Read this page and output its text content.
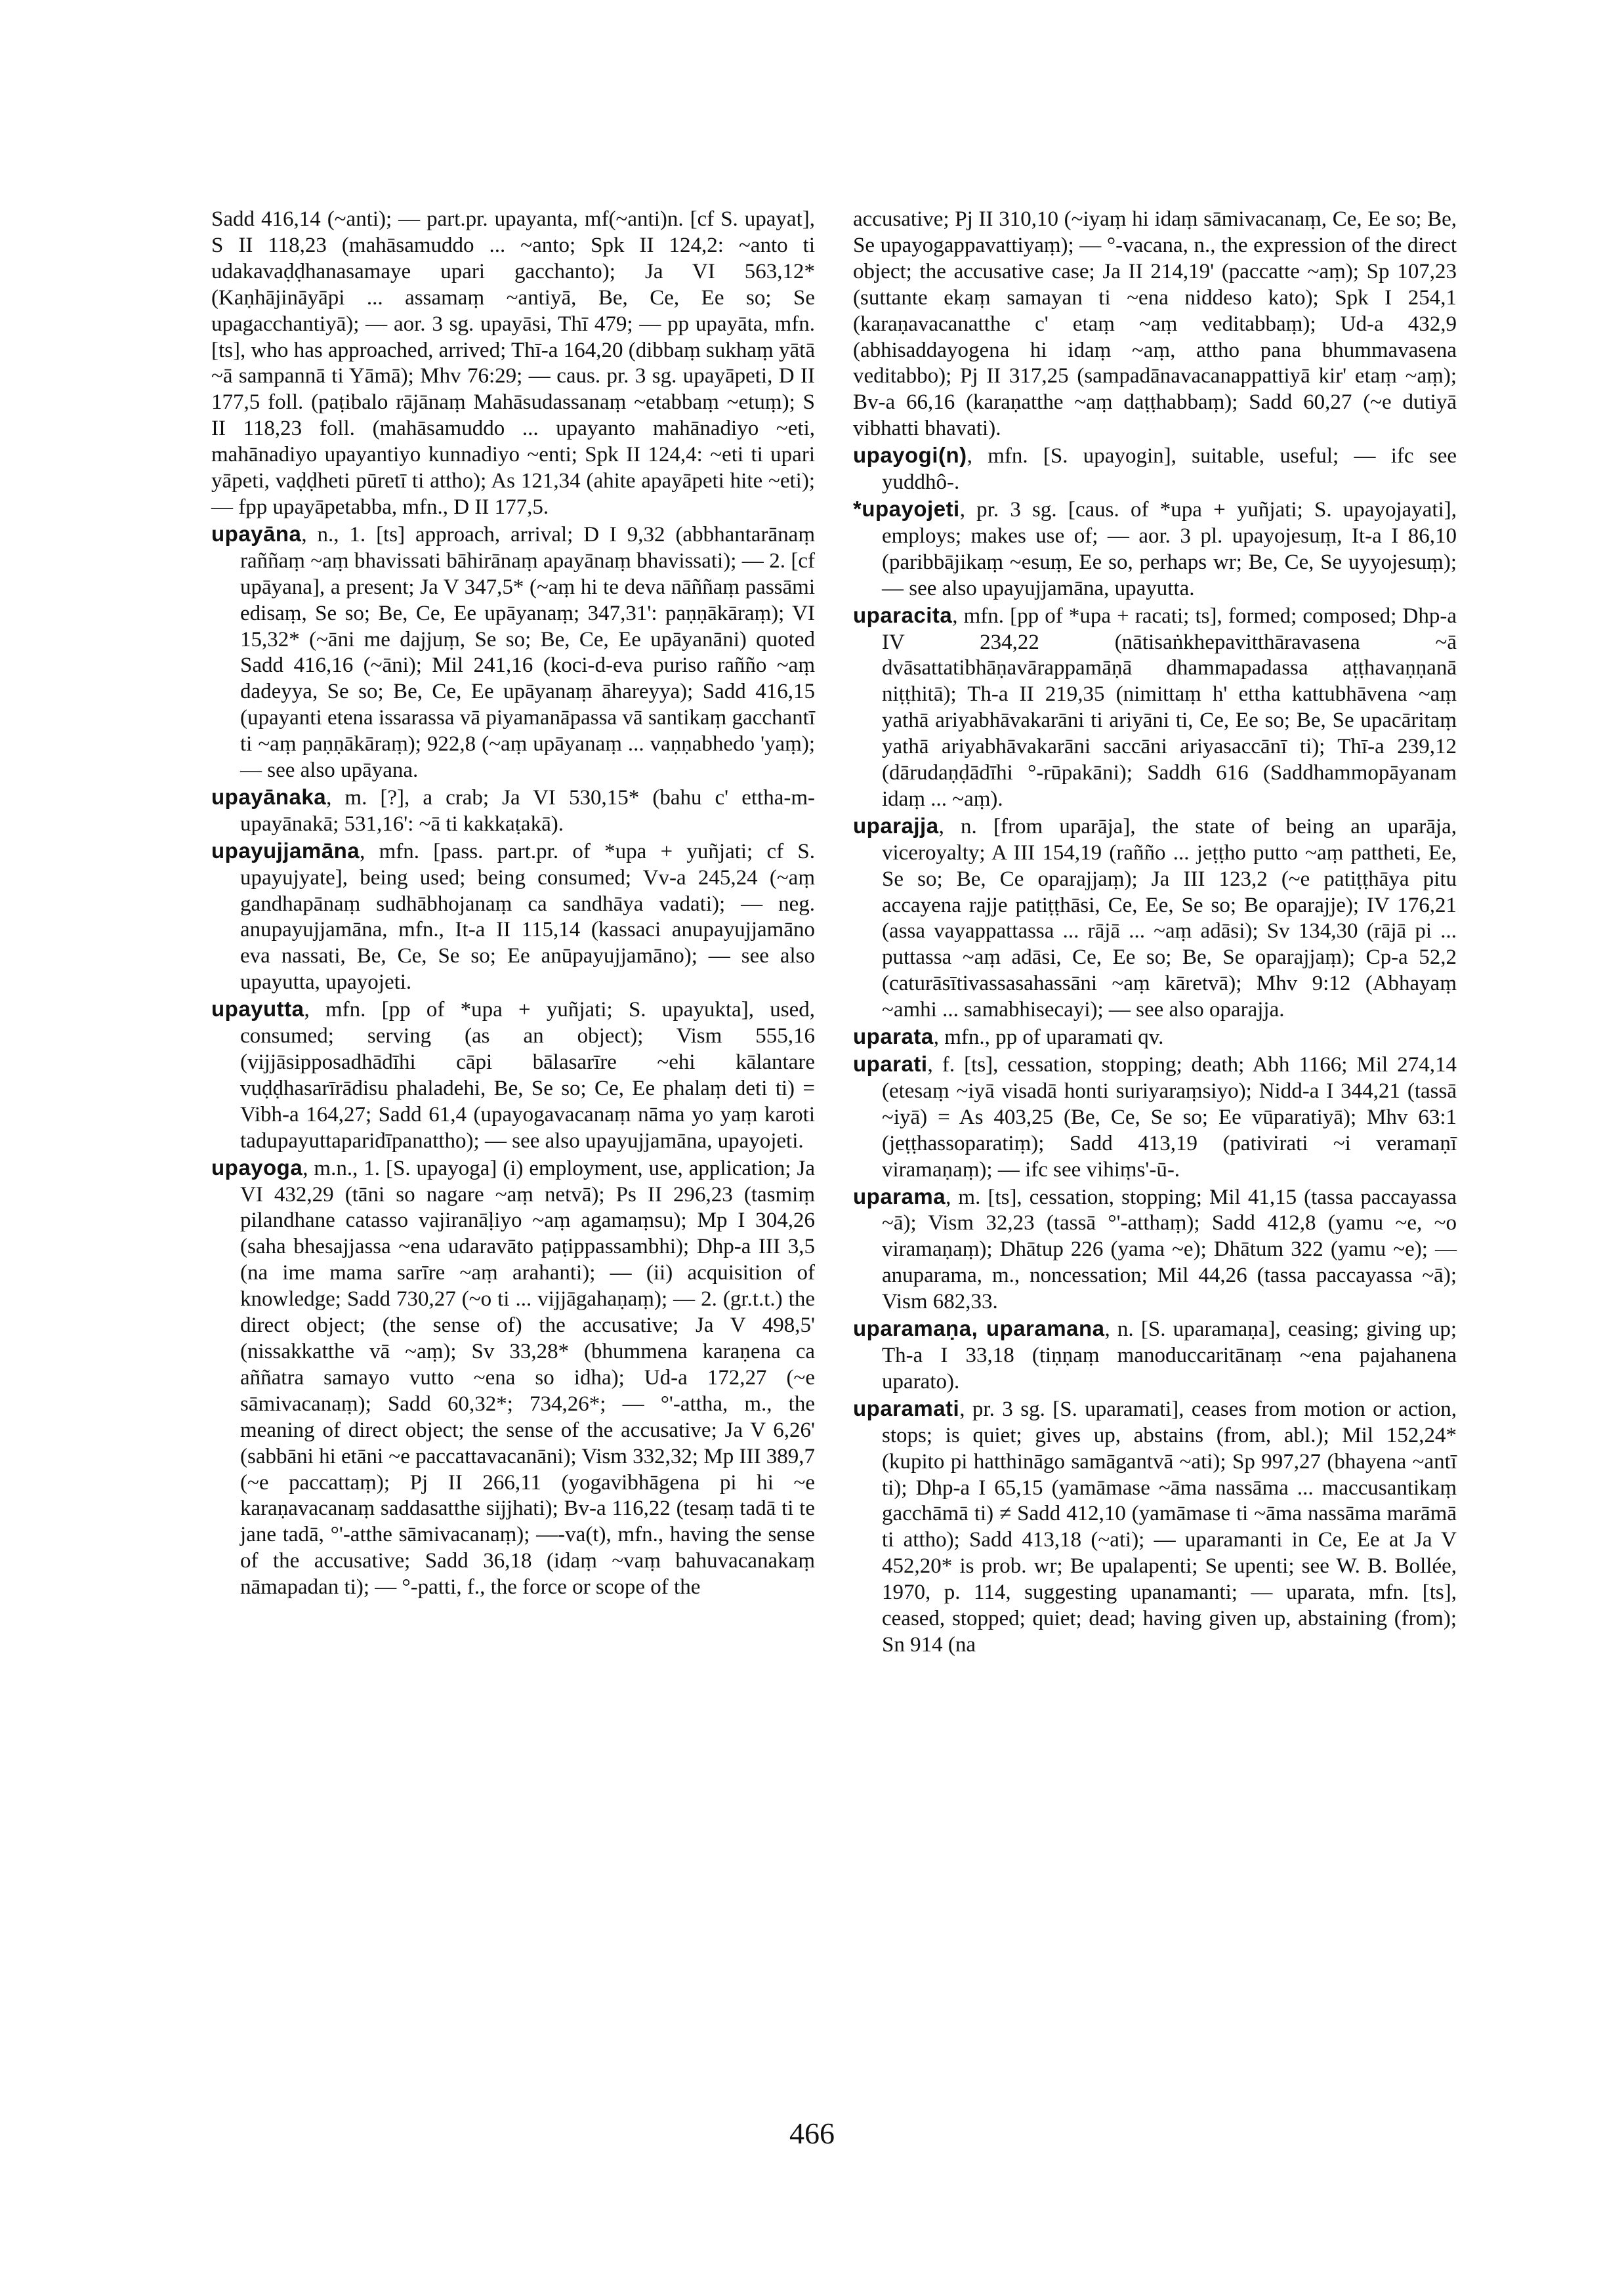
Sadd 416,14 (~anti); — part.pr. upayanta, mf(~anti)n. [cf S. upayat], S II 118,23 (mahāsamuddo ... ~anto; Spk II 124,2: ~anto ti udakavaḍḍhanasamaye upari gacchanto); Ja VI 563,12* (Kaṇhājināyāpi ... assamaṃ ~antiyā, Be, Ce, Ee so; Se upagacchantiyā); — aor. 3 sg. upayāsi, Thī 479; — pp upayāta, mfn. [ts], who has approached, arrived; Thī-a 164,20 (dibbaṃ sukhaṃ yātā ~ā sampannā ti Yāmā); Mhv 76:29; — caus. pr. 3 sg. upayāpeti, D II 177,5 foll. (paṭibalo rājānaṃ Mahāsudassanaṃ ~etabbaṃ ~etuṃ); S II 118,23 foll. (mahāsamuddo ... upayanto mahānadiyo ~eti, mahānadiyo upayantiyo kunnadiyo ~enti; Spk II 124,4: ~eti ti upari yāpeti, vaḍḍheti pūretī ti attho); As 121,34 (ahite apayāpeti hite ~eti); — fpp upayāpetabba, mfn., D II 177,5.

upayāna, n., 1. [ts] approach, arrival; D I 9,32 (abbhantarānaṃ raññaṃ ~aṃ bhavissati bāhirānaṃ apayānaṃ bhavissati); — 2. [cf upāyana], a present; Ja V 347,5* (~aṃ hi te deva nāññaṃ passāmi edisaṃ, Se so; Be, Ce, Ee upāyanaṃ; 347,31': paṇṇākāraṃ); VI 15,32* (~āni me dajjuṃ, Se so; Be, Ce, Ee upāyanāni) quoted Sadd 416,16 (~āni); Mil 241,16 (koci-d-eva puriso rañño ~aṃ dadeyya, Se so; Be, Ce, Ee upāyanaṃ āhareyya); Sadd 416,15 (upayanti etena issarassa vā piyamanāpassa vā santikaṃ gacchantī ti ~aṃ paṇṇākāraṃ); 922,8 (~aṃ upāyanaṃ ... vaṇṇabhedo 'yaṃ); — see also upāyana.

upayānaka, m. [?], a crab; Ja VI 530,15* (bahu c' ettha-m-upayānakā; 531,16': ~ā ti kakkaṭakā).

upayujjamāna, mfn. [pass. part.pr. of *upa + yuñjati; cf S. upayujyate], being used; being consumed; Vv-a 245,24 (~aṃ gandhapānaṃ sudhābhojanaṃ ca sandhāya vadati); — neg. anupayujjamāna, mfn., It-a II 115,14 (kassaci anupayujjamāno eva nassati, Be, Ce, Se so; Ee anūpayujjamāno); — see also upayutta, upayojeti.

upayutta, mfn. [pp of *upa + yuñjati; S. upayukta], used, consumed; serving (as an object); Vism 555,16 (vijjāsipposadhādīhi cāpi bālasarīre ~ehi kālantare vuḍḍhasarīrādisu phaladehi, Be, Se so; Ce, Ee phalaṃ deti ti) = Vibh-a 164,27; Sadd 61,4 (upayogavacanaṃ nāma yo yaṃ karoti tadupayuttaparidīpanattho); — see also upayujjamāna, upayojeti.

upayoga, m.n., 1. [S. upayoga] (i) employment, use, application; Ja VI 432,29 (tāni so nagare ~aṃ netvā); Ps II 296,23 (tasmiṃ pilandhane catasso vajiranāḷiyo ~aṃ agamaṃsu); Mp I 304,26 (saha bhesajjassa ~ena udaravāto paṭippassambhi); Dhp-a III 3,5 (na ime mama sarīre ~aṃ arahanti); — (ii) acquisition of knowledge; Sadd 730,27 (~o ti ... vijjāgahaṇaṃ); — 2. (gr.t.t.) the direct object; (the sense of) the accusative; Ja V 498,5' (nissakkatthe vā ~aṃ); Sv 33,28* (bhummena karaṇena ca aññatra samayo vutto ~ena so idha); Ud-a 172,27 (~e sāmivacanaṃ); Sadd 60,32*; 734,26*; — °'-attha, m., the meaning of direct object; the sense of the accusative; Ja V 6,26' (sabbāni hi etāni ~e paccattavacanāni); Vism 332,32; Mp III 389,7 (~e paccattaṃ); Pj II 266,11 (yogavibhāgena pi hi ~e karaṇavacanaṃ saddasatthe sijjhati); Bv-a 116,22 (tesaṃ tadā ti te jane tadā, °'-atthe sāmivacanaṃ); —-va(t), mfn., having the sense of the accusative; Sadd 36,18 (idaṃ ~vaṃ bahuvacanakaṃ nāmapadan ti); — °-patti, f., the force or scope of the

accusative; Pj II 310,10 (~iyaṃ hi idaṃ sāmivacanaṃ, Ce, Ee so; Be, Se upayogappavattiyaṃ); — °-vacana, n., the expression of the direct object; the accusative case; Ja II 214,19' (paccatte ~aṃ); Sp 107,23 (suttante ekaṃ samayan ti ~ena niddeso kato); Spk I 254,1 (karaṇavacanatthe c' etaṃ ~aṃ veditabbaṃ); Ud-a 432,9 (abhisaddayogena hi idaṃ ~aṃ, attho pana bhummavasena veditabbo); Pj II 317,25 (sampadānavacanappattiyā kir' etaṃ ~aṃ); Bv-a 66,16 (karaṇatthe ~aṃ daṭṭhabbaṃ); Sadd 60,27 (~e dutiyā vibhatti bhavati).

upayogi(n), mfn. [S. upayogin], suitable, useful; — ifc see yuddhô-.

*upayojeti, pr. 3 sg. [caus. of *upa + yuñjati; S. upayojayati], employs; makes use of; — aor. 3 pl. upayojesuṃ, It-a I 86,10 (paribbājikaṃ ~esuṃ, Ee so, perhaps wr; Be, Ce, Se uyyojesuṃ); — see also upayujjamāna, upayutta.

uparacita, mfn. [pp of *upa + racati; ts], formed; composed; Dhp-a IV 234,22 (nātisaṅkhepavitthāravasena ~ā dvāsattatibhāṇavārappamāṇā dhammapadassa aṭṭhavaṇṇanā niṭṭhitā); Th-a II 219,35 (nimittaṃ h' ettha kattubhāvena ~aṃ yathā ariyabhāvakarāni ti ariyāni ti, Ce, Ee so; Be, Se upacāritaṃ yathā ariyabhāvakarāni saccāni ariyasaccānī ti); Thī-a 239,12 (dārudaṇḍādīhi °-rūpakāni); Saddh 616 (Saddhammopāyanam idaṃ ... ~aṃ).

uparajja, n. [from uparāja], the state of being an uparāja, viceroyalty; A III 154,19 (rañño ... jeṭṭho putto ~aṃ pattheti, Ee, Se so; Be, Ce oparajjaṃ); Ja III 123,2 (~e patiṭṭhāya pitu accayena rajje patiṭṭhāsi, Ce, Ee, Se so; Be oparajje); IV 176,21 (assa vayappattassa ... rājā ... ~aṃ adāsi); Sv 134,30 (rājā pi ... puttassa ~aṃ adāsi, Ce, Ee so; Be, Se oparajjaṃ); Cp-a 52,2 (caturāsītivassasahassāni ~aṃ kāretvā); Mhv 9:12 (Abhayaṃ ~amhi ... samabhisecayi); — see also oparajja.

uparata, mfn., pp of uparamati qv.

uparati, f. [ts], cessation, stopping; death; Abh 1166; Mil 274,14 (etesaṃ ~iyā visadā honti suriyaraṃsiyo); Nidd-a I 344,21 (tassā ~iyā) = As 403,25 (Be, Ce, Se so; Ee vūparatiyā); Mhv 63:1 (jeṭṭhassoparatiṃ); Sadd 413,19 (pativirati ~i veramaṇī viramaṇaṃ); — ifc see vihiṃs'-ū-.

uparama, m. [ts], cessation, stopping; Mil 41,15 (tassa paccayassa ~ā); Vism 32,23 (tassā °'-atthaṃ); Sadd 412,8 (yamu ~e, ~o viramaṇaṃ); Dhātup 226 (yama ~e); Dhātum 322 (yamu ~e); — anuparama, m., noncessation; Mil 44,26 (tassa paccayassa ~ā); Vism 682,33.

uparamaṇa, uparamana, n. [S. uparamaṇa], ceasing; giving up; Th-a I 33,18 (tiṇṇaṃ manoduccaritānaṃ ~ena pajahanena uparato).

uparamati, pr. 3 sg. [S. uparamati], ceases from motion or action, stops; is quiet; gives up, abstains (from, abl.); Mil 152,24* (kupito pi hatthināgo samāgantvā ~ati); Sp 997,27 (bhayena ~antī ti); Dhp-a I 65,15 (yamāmase ~āma nassāma ... maccusantikaṃ gacchāmā ti) ≠ Sadd 412,10 (yamāmase ti ~āma nassāma marāmā ti attho); Sadd 413,18 (~ati); — uparamanti in Ce, Ee at Ja V 452,20* is prob. wr; Be upalapenti; Se upenti; see W. B. Bollée, 1970, p. 114, suggesting upanamanti; — uparata, mfn. [ts], ceased, stopped; quiet; dead; having given up, abstaining (from); Sn 914 (na

466
